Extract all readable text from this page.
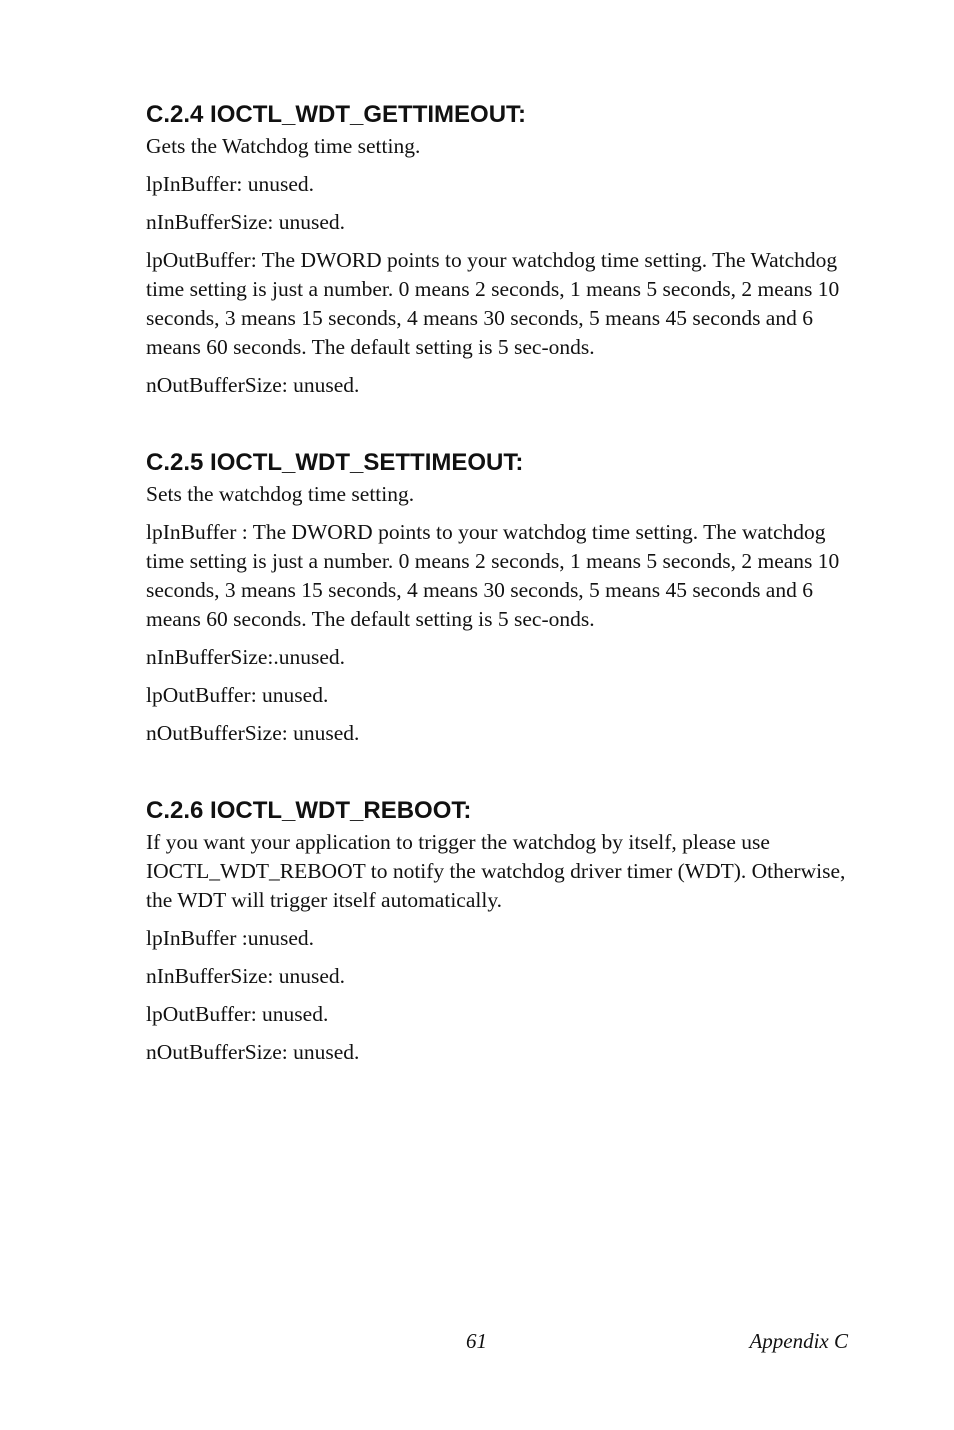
C.2.4 IOCTL_WDT_GETTIMEOUT:

Gets the Watchdog time setting.

lpInBuffer: unused.

nInBufferSize: unused.

lpOutBuffer: The DWORD points to your watchdog time setting. The Watchdog time setting is just a number. 0 means 2 seconds, 1 means 5 seconds, 2 means 10 seconds, 3 means 15 seconds, 4 means 30 seconds, 5 means 45 seconds and 6 means 60 seconds. The default setting is 5 sec-onds.

nOutBufferSize: unused.

C.2.5 IOCTL_WDT_SETTIMEOUT:

Sets the watchdog time setting.

lpInBuffer : The DWORD points to your watchdog time setting. The watchdog time setting is just a number. 0 means 2 seconds, 1 means 5 seconds, 2 means 10 seconds, 3 means 15 seconds, 4 means 30 seconds, 5 means 45 seconds and 6 means 60 seconds. The default setting is 5 sec-onds.

nInBufferSize:.unused.

lpOutBuffer: unused.

nOutBufferSize: unused.

C.2.6 IOCTL_WDT_REBOOT:

If you want your application to trigger the watchdog by itself, please use IOCTL_WDT_REBOOT to notify the watchdog driver timer (WDT). Otherwise, the WDT will trigger itself automatically.

lpInBuffer :unused.

nInBufferSize: unused.

lpOutBuffer: unused.

nOutBufferSize: unused.

61	Appendix C
